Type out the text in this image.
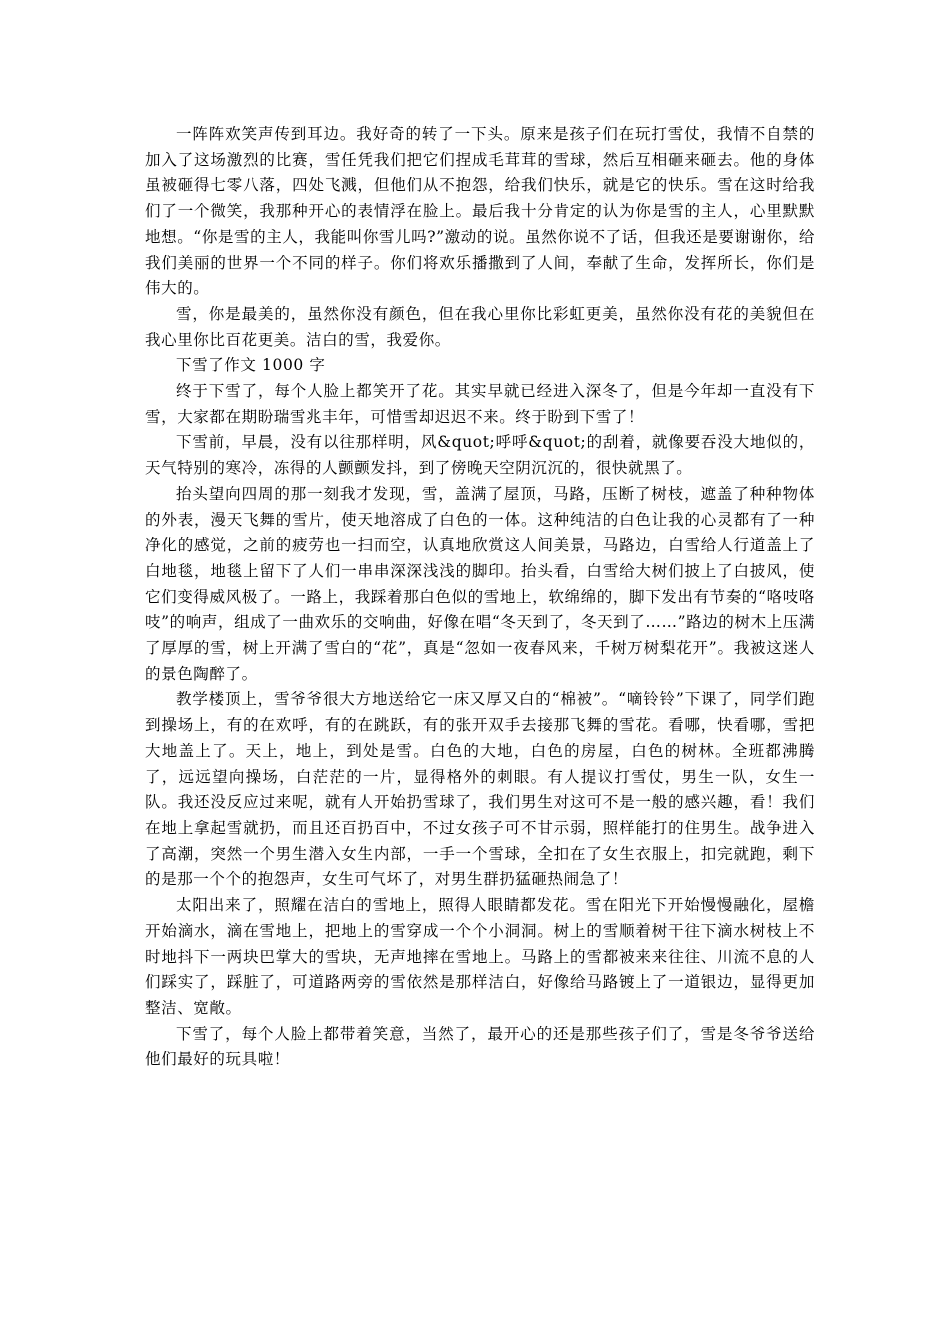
一阵阵欢笑声传到耳边。我好奇的转了一下头。原来是孩子们在玩打雪仗，我情不自禁的加入了这场激烈的比赛，雪任凭我们把它们捏成毛茸茸的雪球，然后互相砸来砸去。他的身体虽被砸得七零八落，四处飞溅，但他们从不抱怨，给我们快乐，就是它的快乐。雪在这时给我们了一个微笑，我那种开心的表情浮在脸上。最后我十分肯定的认为你是雪的主人，心里默默地想。“你是雪的主人，我能叫你雪儿吗?”激动的说。虽然你说不了话，但我还是要谢谢你，给我们美丽的世界一个不同的样子。你们将欢乐播撒到了人间，奉献了生命，发挥所长，你们是伟大的。

雪，你是最美的，虽然你没有颜色，但在我心里你比彩虹更美，虽然你没有花的美貌但在我心里你比百花更美。洁白的雪，我爱你。

下雪了作文 1000 字

终于下雪了，每个人脸上都笑开了花。其实早就已经进入深冬了，但是今年却一直没有下雪，大家都在期盼瑞雪兆丰年，可惜雪却迟迟不来。终于盼到下雪了！

下雪前，早晨，没有以往那样明，风&quot;呼呼&quot;的刮着，就像要吞没大地似的，天气特别的寒冷，冻得的人颤颤发抖，到了傍晚天空阴沉沉的，很快就黑了。

抬头望向四周的那一刻我才发现，雪，盖满了屋顶，马路，压断了树枝，遮盖了种种物体的外表，漫天飞舞的雪片，使天地溶成了白色的一体。这种纯洁的白色让我的心灵都有了一种净化的感觉，之前的疲劳也一扫而空，认真地欣赏这人间美景，马路边，白雪给人行道盖上了白地毯，地毯上留下了人们一串串深深浅浅的脚印。抬头看，白雪给大树们披上了白披风，使它们变得威风极了。一路上，我踩着那白色似的雪地上，软绵绵的，脚下发出有节奏的“咯吱咯吱”的响声，组成了一曲欢乐的交响曲，好像在唱“冬天到了，冬天到了……”路边的树木上压满了厚厚的雪，树上开满了雪白的“花”，真是“忽如一夜春风来，千树万树梨花开”。我被这迷人的景色陶醉了。

教学楼顶上，雪爷爷很大方地送给它一床又厚又白的“棉被”。“嘀铃铃”下课了，同学们跑到操场上，有的在欢呼，有的在跳跃，有的张开双手去接那飞舞的雪花。看哪，快看哪，雪把大地盖上了。天上，地上，到处是雪。白色的大地，白色的房屋，白色的树林。全班都沸腾了，远远望向操场，白茫茫的一片，显得格外的刺眼。有人提议打雪仗，男生一队，女生一队。我还没反应过来呢，就有人开始扔雪球了，我们男生对这可不是一般的感兴趣，看！我们在地上拿起雪就扔，而且还百扔百中，不过女孩子可不甘示弱，照样能打的住男生。战争进入了高潮，突然一个男生潜入女生内部，一手一个雪球，全扣在了女生衣服上，扣完就跑，剩下的是那一个个的抱怨声，女生可气坏了，对男生群扔猛砸热闹急了！

太阳出来了，照耀在洁白的雪地上，照得人眼睛都发花。雪在阳光下开始慢慢融化，屋檐开始滴水，滴在雪地上，把地上的雪穿成一个个小洞洞。树上的雪顺着树干往下滴水树枝上不时地抖下一两块巴掌大的雪块，无声地摔在雪地上。马路上的雪都被来来往往、川流不息的人们踩实了，踩脏了，可道路两旁的雪依然是那样洁白，好像给马路镀上了一道银边，显得更加整洁、宽敞。

下雪了，每个人脸上都带着笑意，当然了，最开心的还是那些孩子们了，雪是冬爷爷送给他们最好的玩具啦！
